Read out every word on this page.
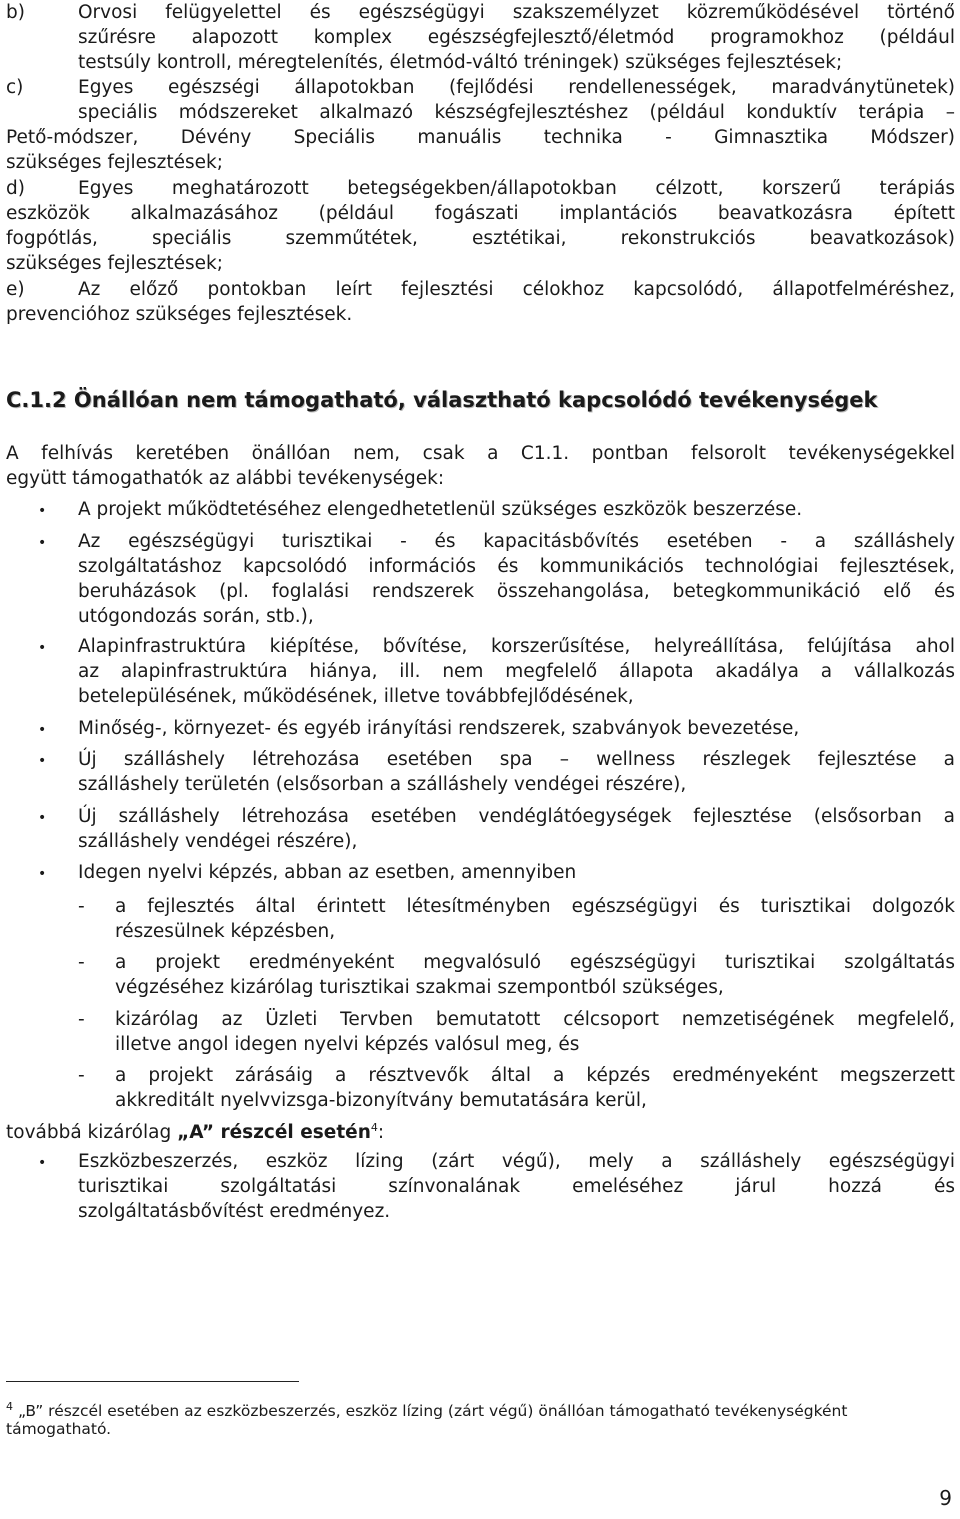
b)	Orvosi felügyelettel és egészségügyi szakszemélyzet közreműködésével történő
szűrésre alapozott komplex egészségfejlesztő/életmód programokhoz (például
testsúly kontroll, méregtelenítés, életmód-váltó tréningek) szükséges fejlesztések;
c)	Egyes egészségi állapotokban (fejlődési rendellenességek, maradványtünetek)
speciális módszereket alkalmazó készségfejlesztéshez (például konduktív terápia –
Pető-módszer, Dévény Speciális manuális technika - Gimnasztika Módszer)
szükséges fejlesztések;
d)	Egyes meghatározott betegségekben/állapotokban célzott, korszerű terápiás
eszközök alkalmazásához (például fogászati implantációs beavatkozásra épített
fogpótlás, speciális szemműtétek, esztétikai, rekonstrukciós beavatkozások)
szükséges fejlesztések;
e)	Az előző pontokban leírt fejlesztési célokhoz kapcsolódó, állapotfelméréshez,
prevencióhoz szükséges fejlesztések.
C.1.2 Önállóan nem támogatható, választható kapcsolódó tevékenységek
A felhívás keretében önállóan nem, csak a C1.1. pontban felsorolt tevékenységekkel
együtt támogathatók az alábbi tevékenységek:
• A projekt működtetéséhez elengedhetetlenül szükséges eszközök beszerzése.
• Az egészségügyi turisztikai - és kapacitásbővítés esetében - a szálláshely
szolgáltatáshoz kapcsolódó információs és kommunikációs technológiai fejlesztések,
beruházások (pl. foglalási rendszerek összehangolása, betegkommunikáció elő és
utógondozás során, stb.),
• Alapinfrastruktúra kiépítése, bővítése, korszerűsítése, helyreállítása, felújítása ahol
az alapinfrastruktúra hiánya, ill. nem megfelelő állapota akadálya a vállalkozás
betelepülésének, működésének, illetve továbbfejlődésének,
• Minőség-, környezet- és egyéb irányítási rendszerek, szabványok bevezetése,
• Új szálláshely létrehozása esetében spa – wellness részlegek fejlesztése a
szálláshely területén (elsősorban a szálláshely vendégei részére),
• Új szálláshely létrehozása esetében vendéglátóegységek fejlesztése (elsősorban a
szálláshely vendégei részére),
• Idegen nyelvi képzés, abban az esetben, amennyiben
- a fejlesztés által érintett létesítményben egészségügyi és turisztikai dolgozók
részesülnek képzésben,
- a projekt eredményeként megvalósuló egészségügyi turisztikai szolgáltatás
végzéséhez kizárólag turisztikai szakmai szempontból szükséges,
- kizárólag az Üzleti Tervben bemutatott célcsoport nemzetiségének megfelelő,
illetve angol idegen nyelvi képzés valósul meg, és
- a projekt zárásáig a résztvevők által a képzés eredményeként megszerzett
akkreditált nyelvvizsga-bizonyítvány bemutatására kerül,
továbbá kizárólag „A” részcél esetén$^4$:
• Eszközbeszerzés, eszköz lízing (zárt végű), mely a szálláshely egészségügyi
turisztikai szolgáltatási színvonalának emeléséhez járul hozzá és
szolgáltatásbővítést eredményez.
$^4$ „B” részcél esetében az eszközbeszerzés, eszköz lízing (zárt végű) önállóan támogatható tevékenységként
támogatható.
9
